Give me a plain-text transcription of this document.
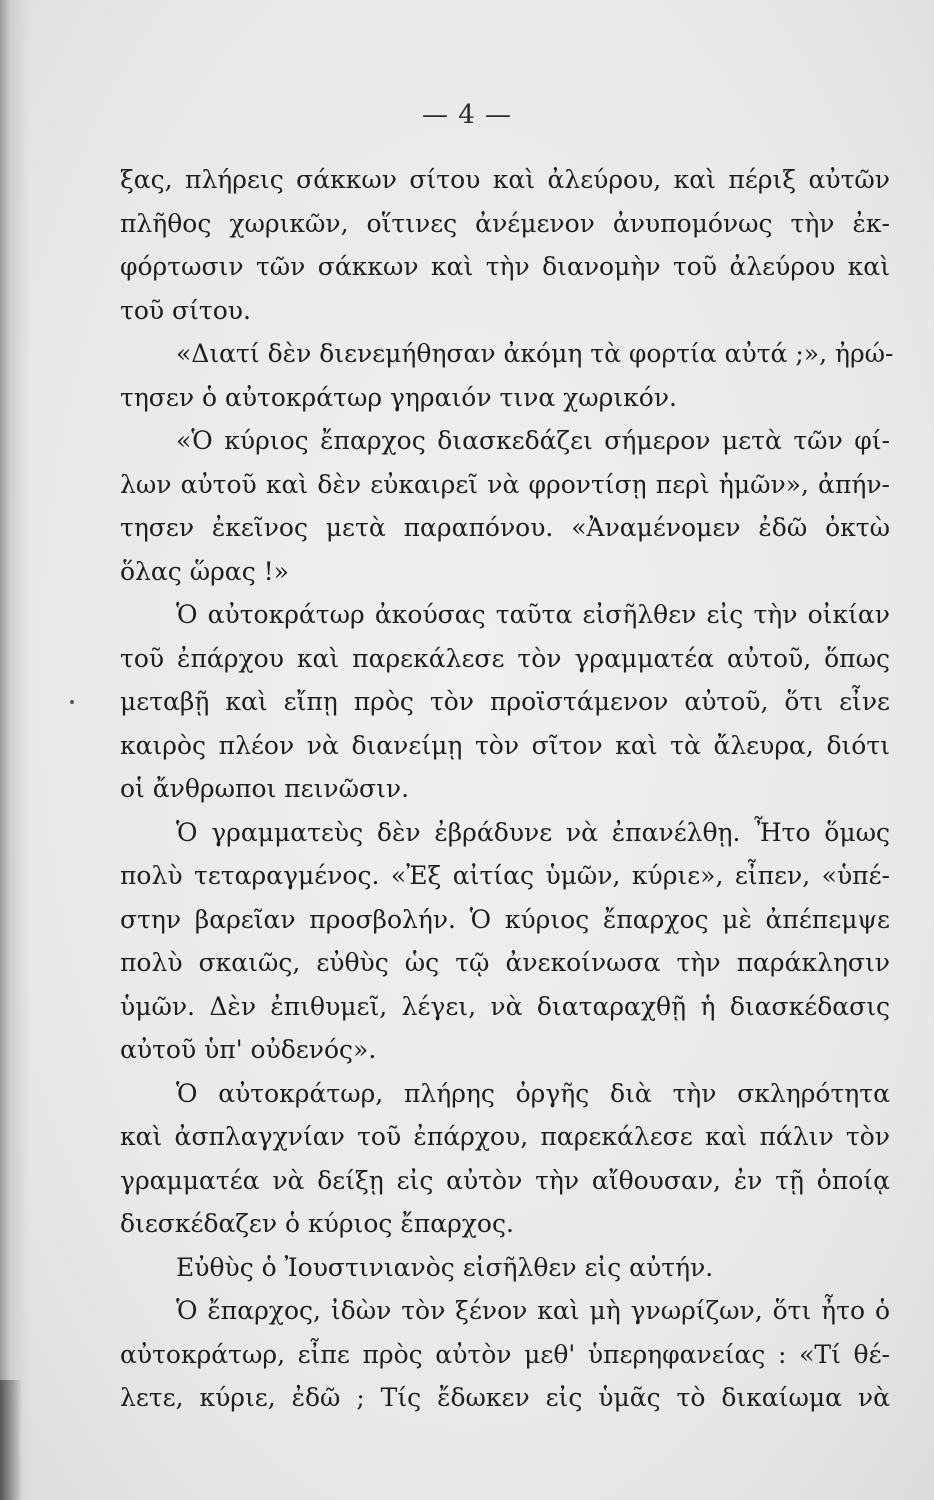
— 4 —
ξας, πλήρεις σάκκων σίτου καὶ ἀλεύρου, καὶ πέριξ αὐτῶν
πλῆθος χωρικῶν, οἵτινες ἀνέμενον ἀνυπομόνως τὴν ἐκ-
φόρτωσιν τῶν σάκκων καὶ τὴν διανομὴν τοῦ ἀλεύρου καὶ
τοῦ σίτου.
«Διατί δὲν διενεμήθησαν ἀκόμη τὰ φορτία αὐτά ;», ἠρώ-
τησεν ὁ αὐτοκράτωρ γηραιόν τινα χωρικόν.
«Ὁ κύριος ἔπαρχος διασκεδάζει σήμερον μετὰ τῶν φί-
λων αὐτοῦ καὶ δὲν εὐκαιρεῖ νὰ φροντίσῃ περὶ ἡμῶν», ἀπήν-
τησεν ἐκεῖνος μετὰ παραπόνου. «Ἀναμένομεν ἐδῶ ὀκτὼ
ὅλας ὥρας !»
Ὁ αὐτοκράτωρ ἀκούσας ταῦτα εἰσῆλθεν εἰς τὴν οἰκίαν
τοῦ ἐπάρχου καὶ παρεκάλεσε τὸν γραμματέα αὐτοῦ, ὅπως
μεταβῇ καὶ εἴπῃ πρὸς τὸν προϊστάμενον αὐτοῦ, ὅτι εἶνε
καιρὸς πλέον νὰ διανείμῃ τὸν σῖτον καὶ τὰ ἄλευρα, διότι
οἱ ἄνθρωποι πεινῶσιν.
Ὁ γραμματεὺς δὲν ἐβράδυνε νὰ ἐπανέλθῃ. Ἦτο ὅμως
πολὺ τεταραγμένος. «Ἐξ αἰτίας ὑμῶν, κύριε», εἶπεν, «ὑπέ-
στην βαρεῖαν προσβολήν. Ὁ κύριος ἔπαρχος μὲ ἀπέπεμψε
πολὺ σκαιῶς, εὐθὺς ὡς τῷ ἀνεκοίνωσα τὴν παράκλησιν
ὑμῶν. Δὲν ἐπιθυμεῖ, λέγει, νὰ διαταραχθῇ ἡ διασκέδασις
αὐτοῦ ὑπ' οὐδενός».
Ὁ αὐτοκράτωρ, πλήρης ὀργῆς διὰ τὴν σκληρότητα
καὶ ἀσπλαγχνίαν τοῦ ἐπάρχου, παρεκάλεσε καὶ πάλιν τὸν
γραμματέα νὰ δείξῃ εἰς αὐτὸν τὴν αἴθουσαν, ἐν τῇ ὁποίᾳ
διεσκέδαζεν ὁ κύριος ἔπαρχος.
Εὐθὺς ὁ Ἰουστινιανὸς εἰσῆλθεν εἰς αὐτήν.
Ὁ ἔπαρχος, ἰδὼν τὸν ξένον καὶ μὴ γνωρίζων, ὅτι ἦτο ὁ
αὐτοκράτωρ, εἶπε πρὸς αὐτὸν μεθ' ὑπερηφανείας : «Τί θέ-
λετε, κύριε, ἐδῶ ; Τίς ἔδωκεν εἰς ὑμᾶς τὸ δικαίωμα νὰ
